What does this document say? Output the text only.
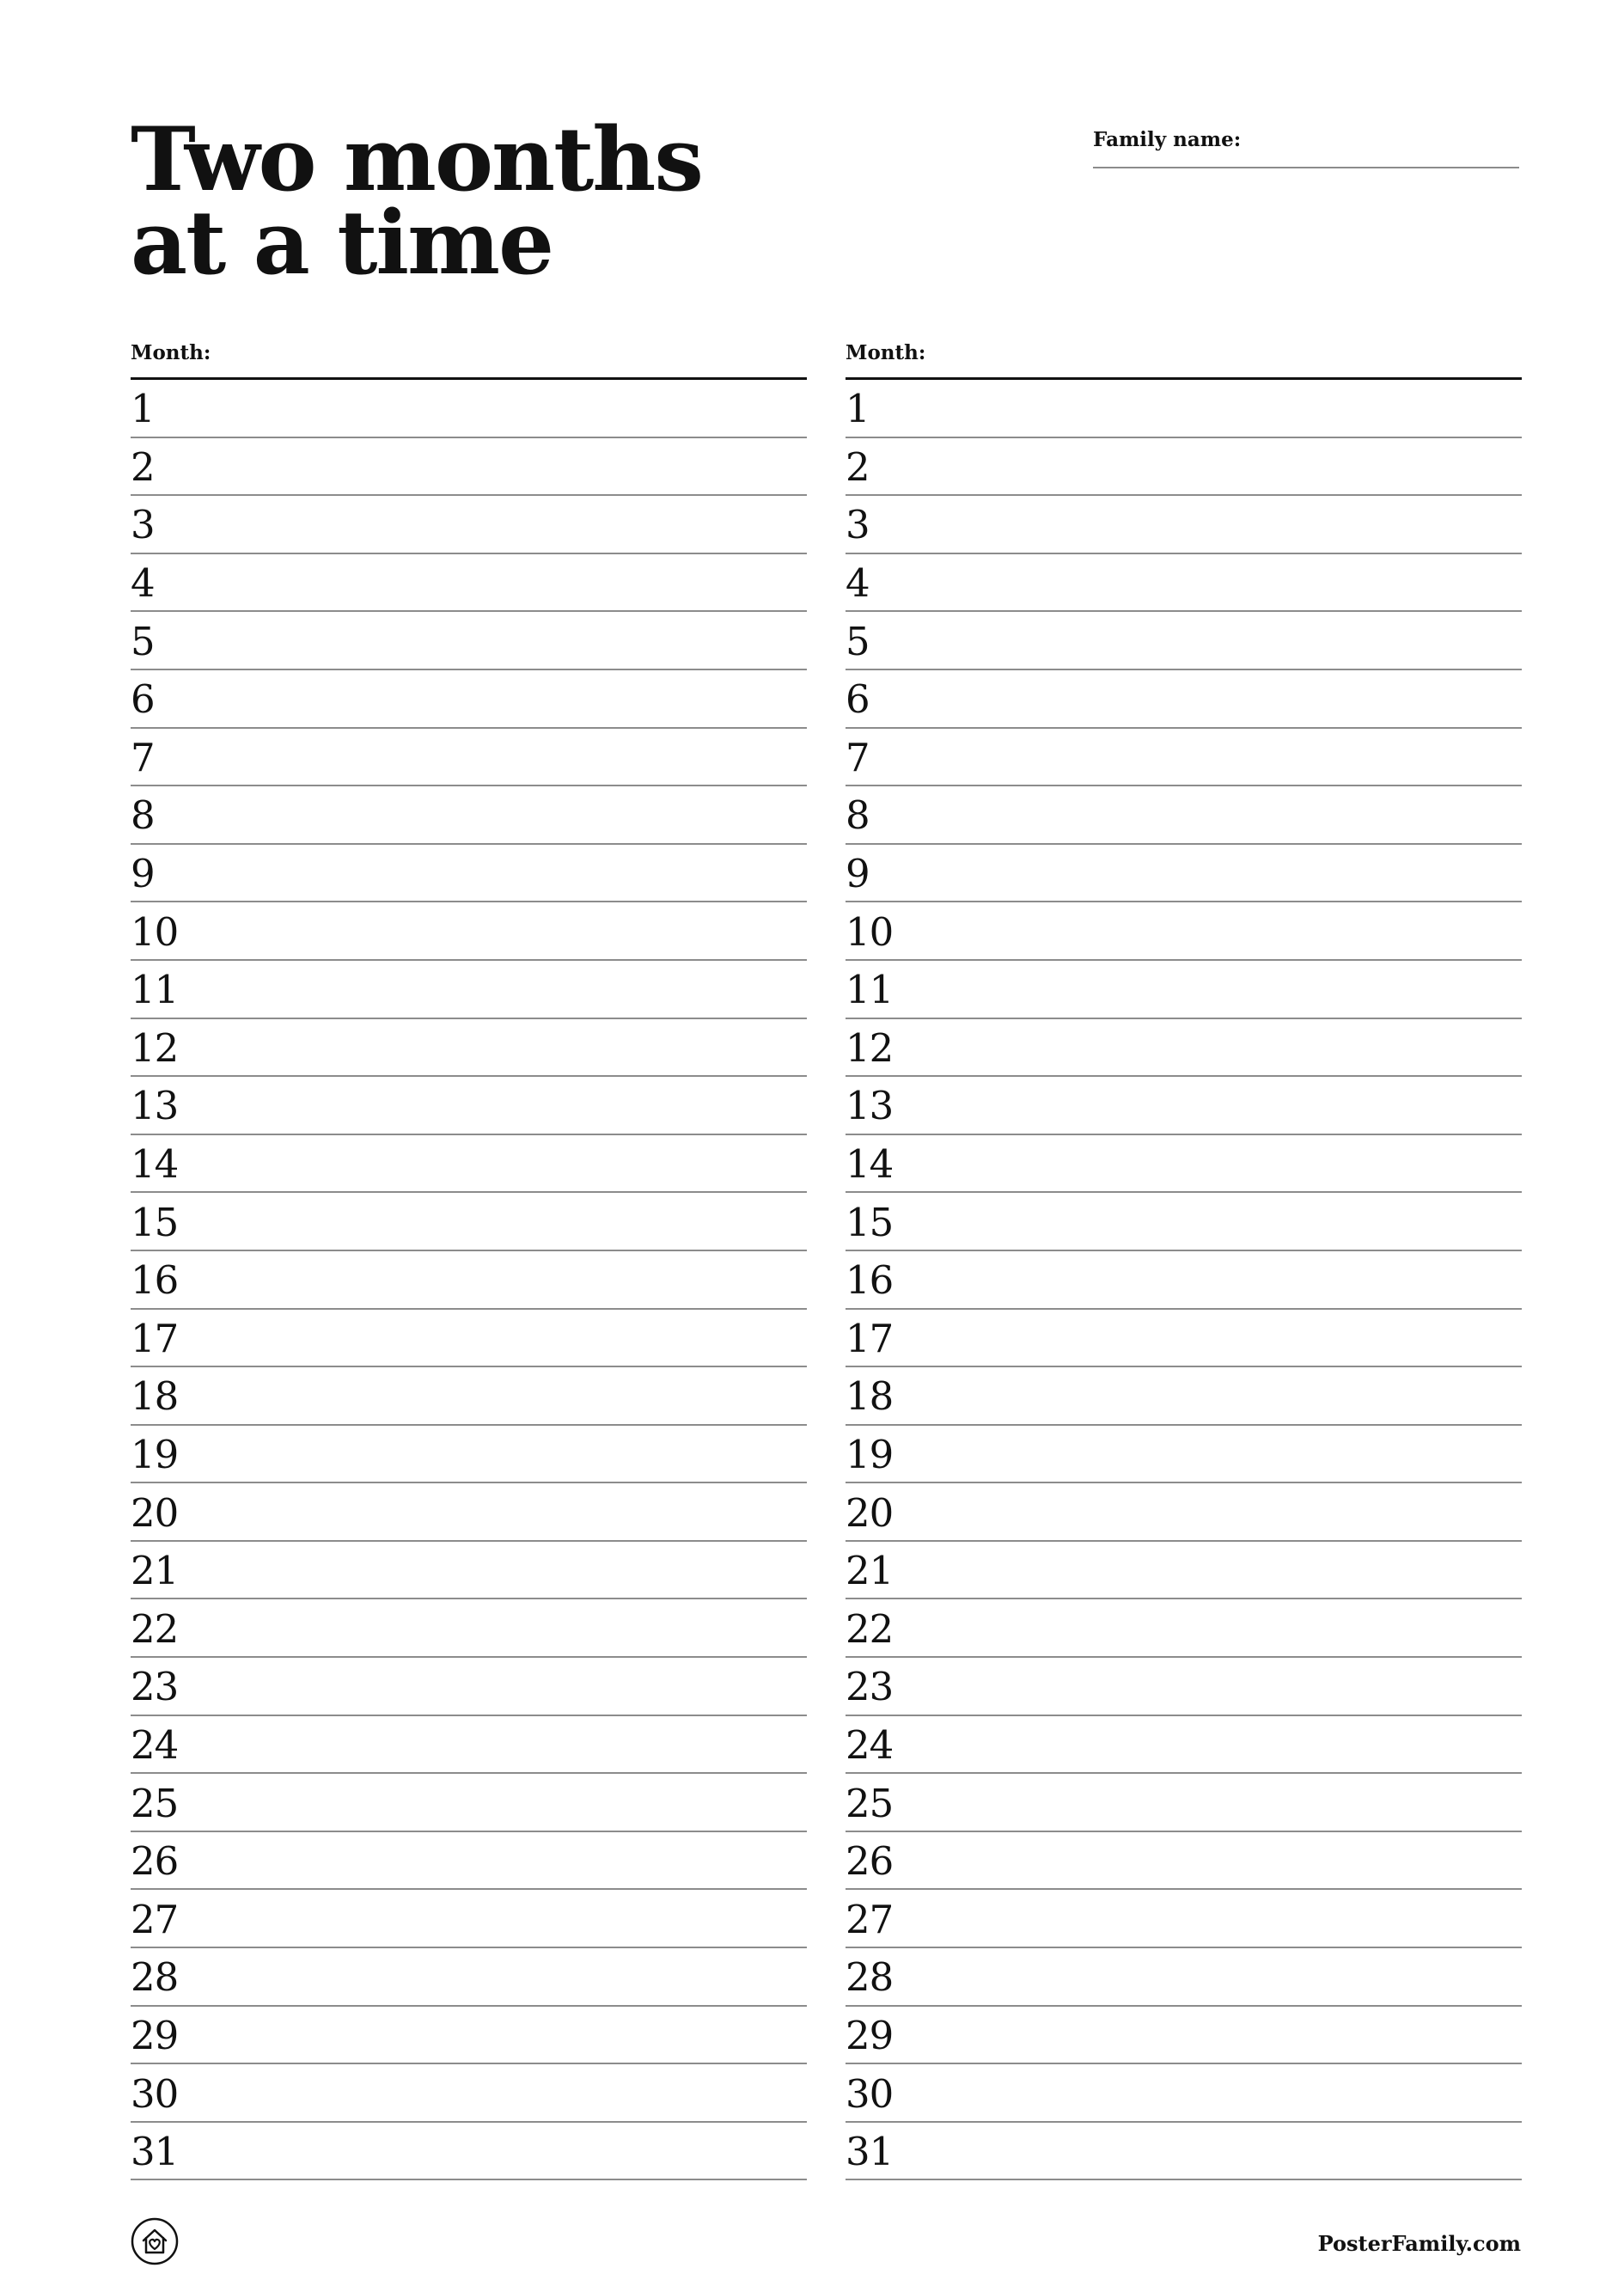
Two months
at a time
Family name:
Month:
1
2
3
4
5
6
7
8
9
10
11
12
13
14
15
16
17
18
19
20
21
22
23
24
25
26
27
28
29
30
31
Month:
1
2
3
4
5
6
7
8
9
10
11
12
13
14
15
16
17
18
19
20
21
22
23
24
25
26
27
28
29
30
31
PosterFamily.com
